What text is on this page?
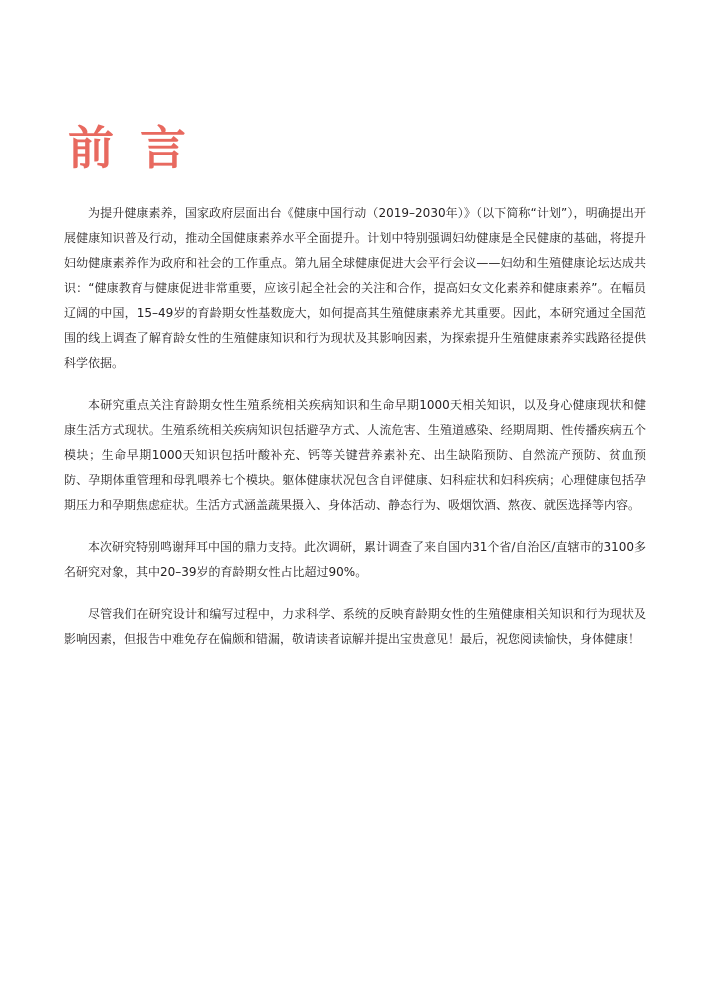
前言

为提升健康素养，国家政府层面出台《健康中国行动（2019–2030年）》（以下简称“计划”），明确提出开展健康知识普及行动，推动全国健康素养水平全面提升。计划中特别强调妇幼健康是全民健康的基础，将提升妇幼健康素养作为政府和社会的工作重点。第九届全球健康促进大会平行会议——妇幼和生殖健康论坛达成共识：“健康教育与健康促进非常重要，应该引起全社会的关注和合作，提高妇女文化素养和健康素养”。在幅员辽阔的中国，15–49岁的育龄期女性基数庞大，如何提高其生殖健康素养尤其重要。因此，本研究通过全国范围的线上调查了解育龄女性的生殖健康知识和行为现状及其影响因素，为探索提升生殖健康素养实践路径提供科学依据。

本研究重点关注育龄期女性生殖系统相关疾病知识和生命早期1000天相关知识，以及身心健康现状和健康生活方式现状。生殖系统相关疾病知识包括避孕方式、人流危害、生殖道感染、经期周期、性传播疾病五个模块；生命早期1000天知识包括叶酸补充、钙等关键营养素补充、出生缺陷预防、自然流产预防、贫血预防、孕期体重管理和母乳喂养七个模块。躯体健康状况包含自评健康、妇科症状和妇科疾病；心理健康包括孕期压力和孕期焦虑症状。生活方式涵盖蔬果摄入、身体活动、静态行为、吸烟饮酒、熬夜、就医选择等内容。

本次研究特别鸣谢拜耳中国的鼎力支持。此次调研，累计调查了来自国内31个省/自治区/直辖市的3100多名研究对象，其中20–39岁的育龄期女性占比超过90%。

尽管我们在研究设计和编写过程中，力求科学、系统的反映育龄期女性的生殖健康相关知识和行为现状及影响因素，但报告中难免存在偏颇和错漏，敬请读者谅解并提出宝贵意见！最后，祝您阅读愉快，身体健康！
